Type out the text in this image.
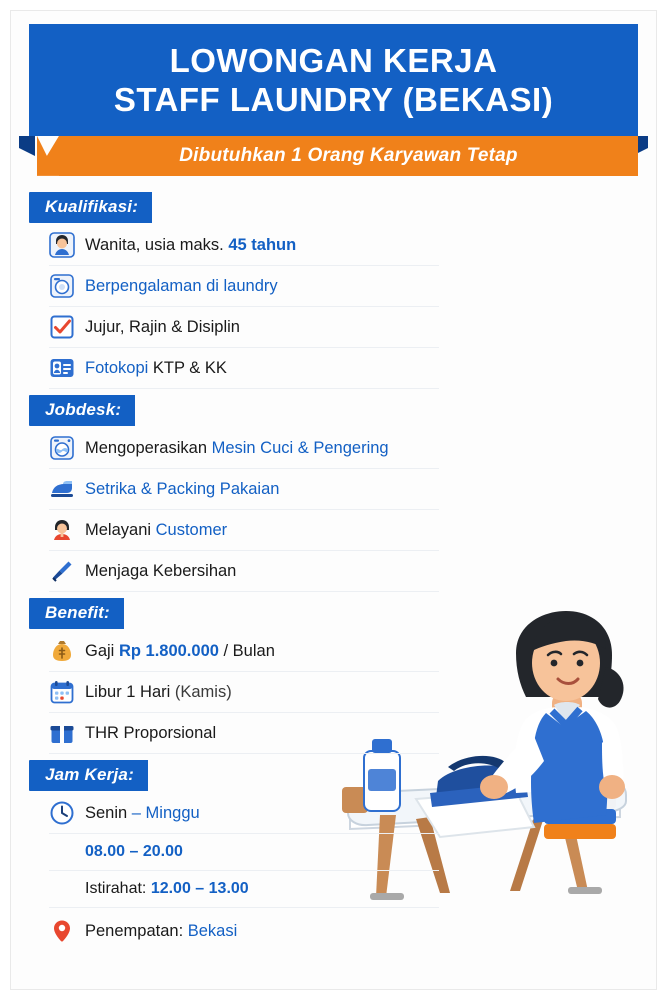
LOWONGAN KERJA
STAFF LAUNDRY (BEKASI)
Dibutuhkan 1 Orang Karyawan Tetap
Kualifikasi:
Wanita, usia maks. 45 tahun
Berpengalaman di laundry
Jujur, Rajin & Disiplin
Fotokopi KTP & KK
Jobdesk:
Mengoperasikan Mesin Cuci & Pengering
Setrika & Packing Pakaian
Melayani Customer
Menjaga Kebersihan
Benefit:
Gaji Rp 1.800.000 / Bulan
Libur 1 Hari (Kamis)
THR Proporsional
Jam Kerja:
Senin – Minggu
08.00 – 20.00
Istirahat: 12.00 – 13.00
Penempatan: Bekasi
